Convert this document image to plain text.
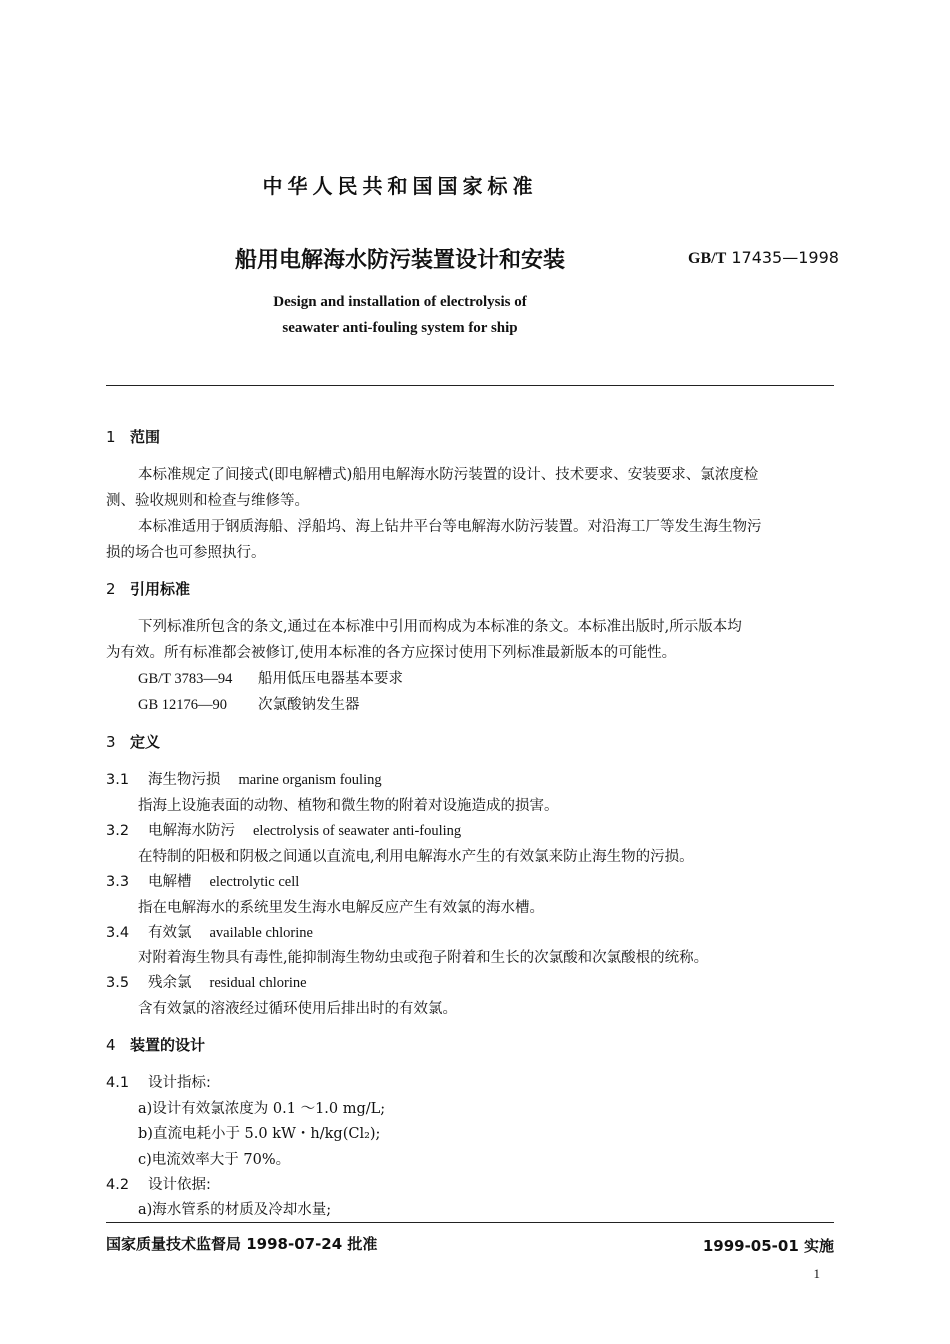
中华人民共和国国家标准
船用电解海水防污装置设计和安装	GB/T 17435—1998
Design and installation of electrolysis of
seawater anti-fouling system for ship
1 范围
本标准规定了间接式(即电解槽式)船用电解海水防污装置的设计、技术要求、安装要求、氯浓度检
测、验收规则和检查与维修等。
本标准适用于钢质海船、浮船坞、海上钻井平台等电解海水防污装置。对沿海工厂等发生海生物污
损的场合也可参照执行。
2 引用标准
下列标准所包含的条文,通过在本标准中引用而构成为本标准的条文。本标准出版时,所示版本均
为有效。所有标准都会被修订,使用本标准的各方应探讨使用下列标准最新版本的可能性。
GB/T 3783—94 船用低压电器基本要求
GB 12176—90 次氯酸钠发生器
3 定义
3.1 海生物污损 marine organism fouling
指海上设施表面的动物、植物和微生物的附着对设施造成的损害。
3.2 电解海水防污 electrolysis of seawater anti-fouling
在特制的阳极和阴极之间通以直流电,利用电解海水产生的有效氯来防止海生物的污损。
3.3 电解槽 electrolytic cell
指在电解海水的系统里发生海水电解反应产生有效氯的海水槽。
3.4 有效氯 available chlorine
对附着海生物具有毒性,能抑制海生物幼虫或孢子附着和生长的次氯酸和次氯酸根的统称。
3.5 残余氯 residual chlorine
含有效氯的溶液经过循环使用后排出时的有效氯。
4 装置的设计
4.1 设计指标:
a)设计有效氯浓度为 0.1 ～1.0 mg/L;
b)直流电耗小于 5.0 kW・h/kg(Cl₂);
c)电流效率大于 70%。
4.2 设计依据:
a)海水管系的材质及冷却水量;
国家质量技术监督局 1998-07-24 批准	1999-05-01 实施
1
